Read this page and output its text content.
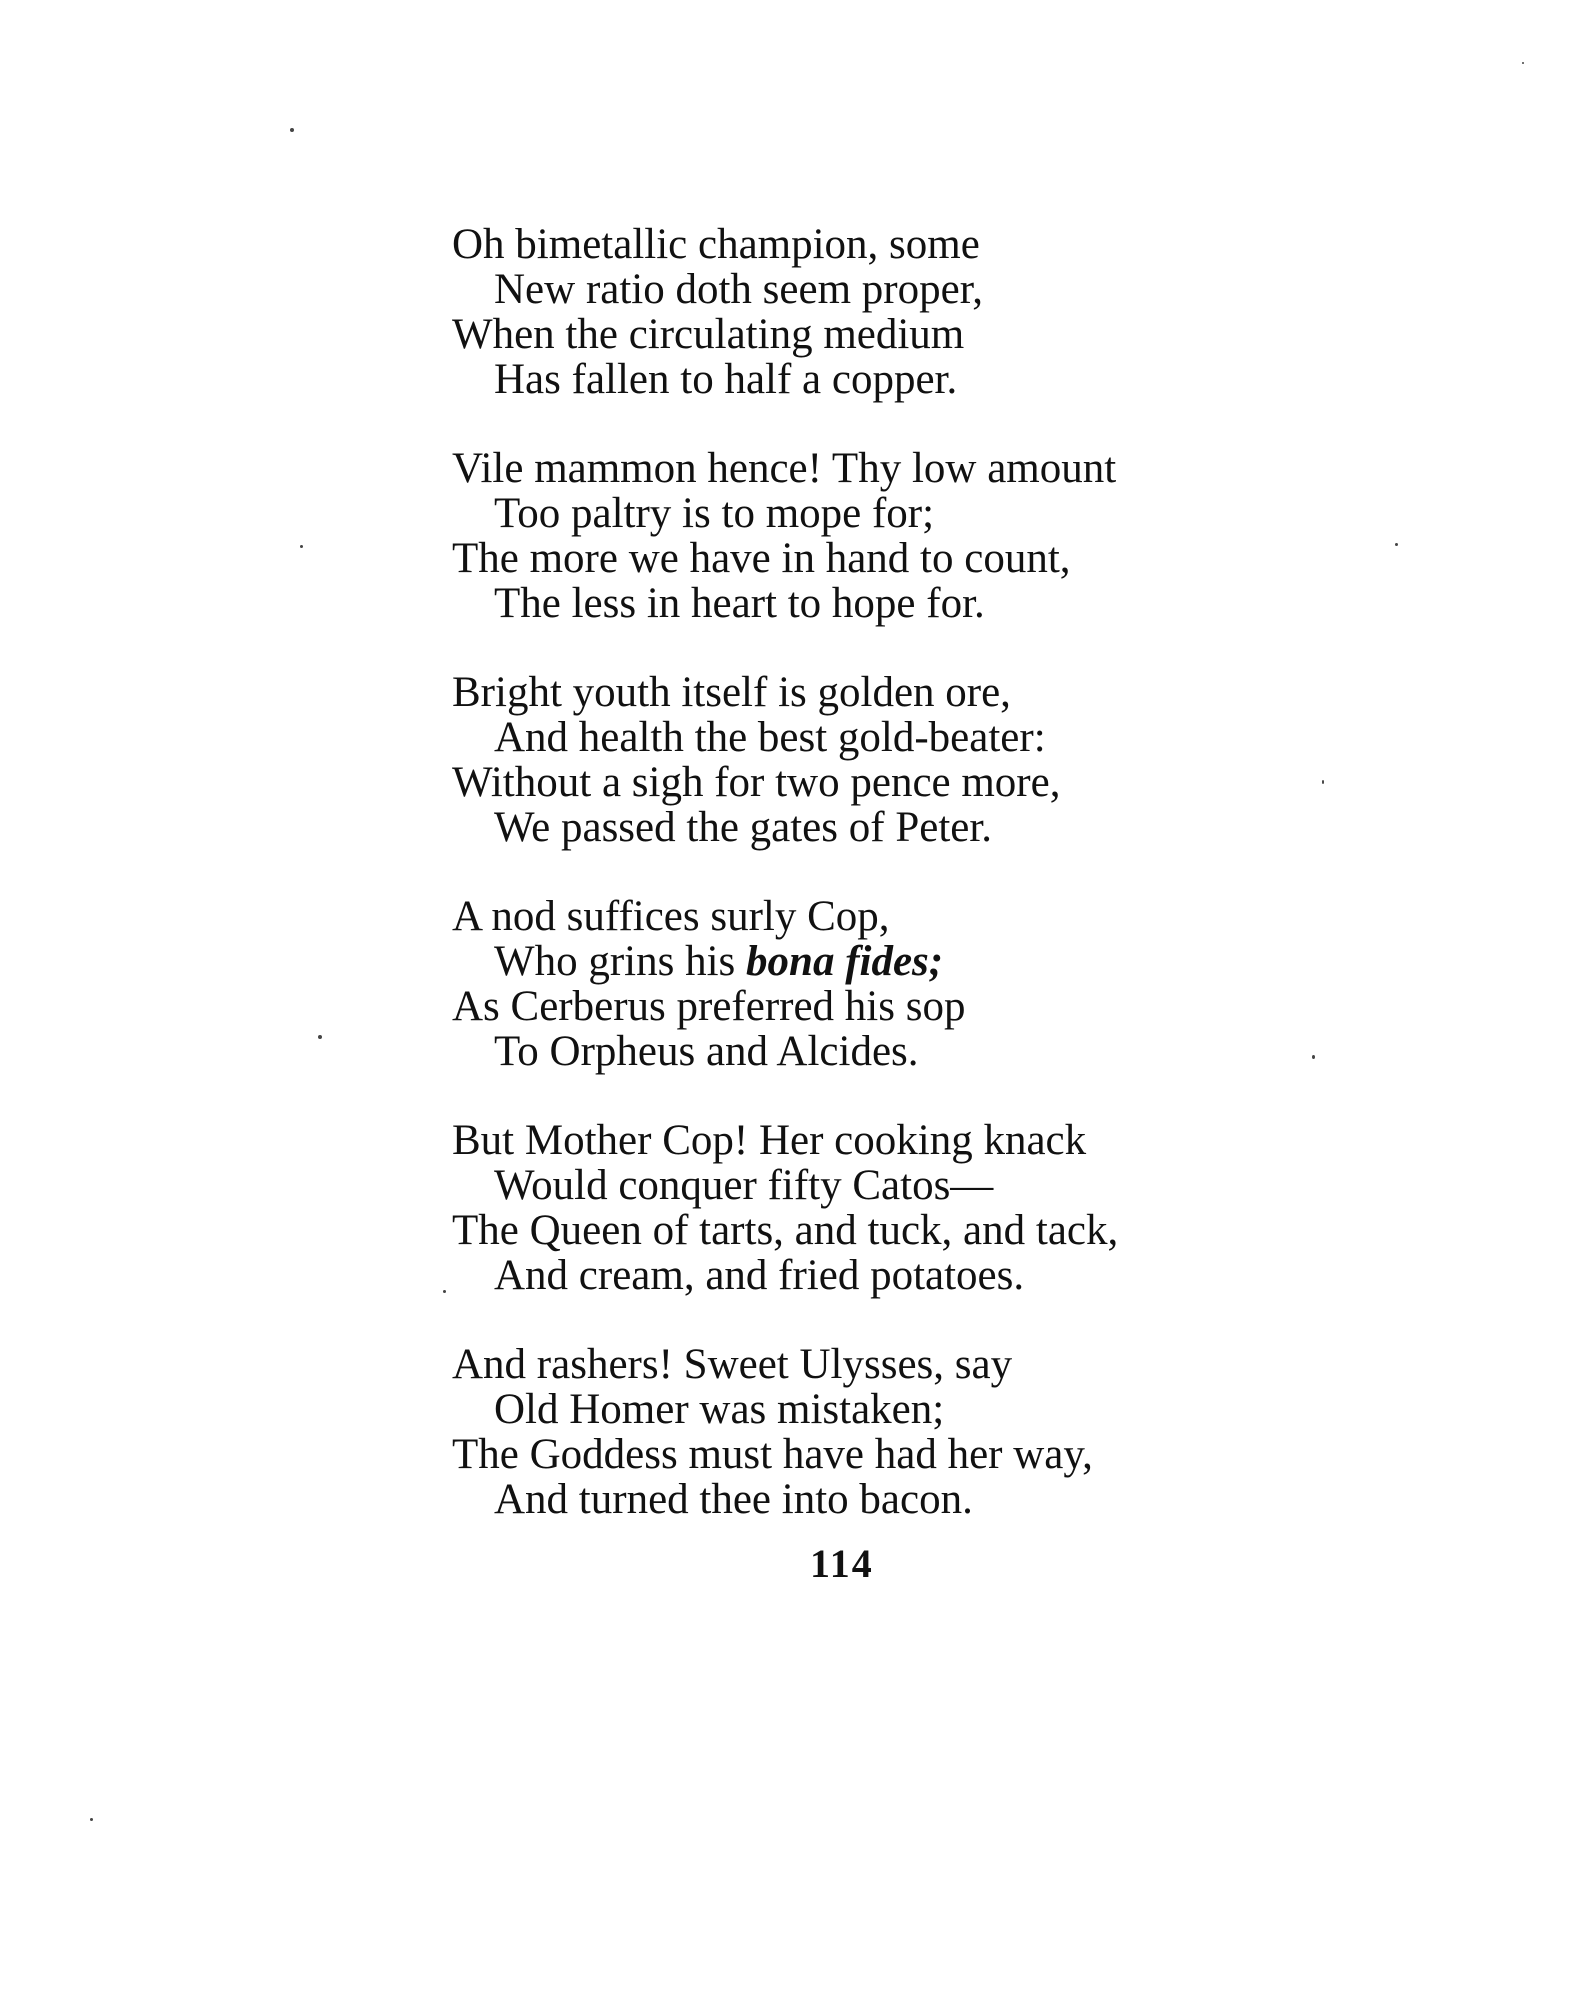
Oh bimetallic champion, some
New ratio doth seem proper,
When the circulating medium
Has fallen to half a copper.
Vile mammon hence! Thy low amount
Too paltry is to mope for;
The more we have in hand to count,
The less in heart to hope for.
Bright youth itself is golden ore,
And health the best gold-beater:
Without a sigh for two pence more,
We passed the gates of Peter.
A nod suffices surly Cop,
Who grins his bona fides;
As Cerberus preferred his sop
To Orpheus and Alcides.
But Mother Cop! Her cooking knack
Would conquer fifty Catos—
The Queen of tarts, and tuck, and tack,
And cream, and fried potatoes.
And rashers! Sweet Ulysses, say
Old Homer was mistaken;
The Goddess must have had her way,
And turned thee into bacon.
114
